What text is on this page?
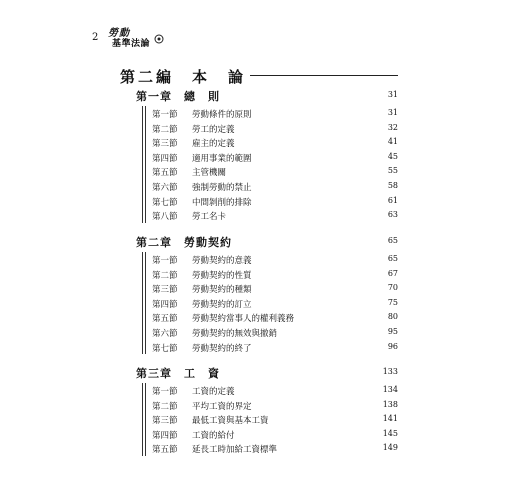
2 勞動
基準法論
第二編　本　論
第一章　總　則	31
第一節	勞動條件的原則	31
第二節	勞工的定義	32
第三節	雇主的定義	41
第四節	適用事業的範圍	45
第五節	主管機關	55
第六節	強制勞動的禁止	58
第七節	中間剝削的排除	61
第八節	勞工名卡	63
第二章　勞動契約	65
第一節	勞動契約的意義	65
第二節	勞動契約的性質	67
第三節	勞動契約的種類	70
第四節	勞動契約的訂立	75
第五節	勞動契約當事人的權利義務	80
第六節	勞動契約的無效與撤銷	95
第七節	勞動契約的終了	96
第三章　工　資	133
第一節	工資的定義	134
第二節	平均工資的界定	138
第三節	最低工資與基本工資	141
第四節	工資的給付	145
第五節	延長工時加給工資標準	149
